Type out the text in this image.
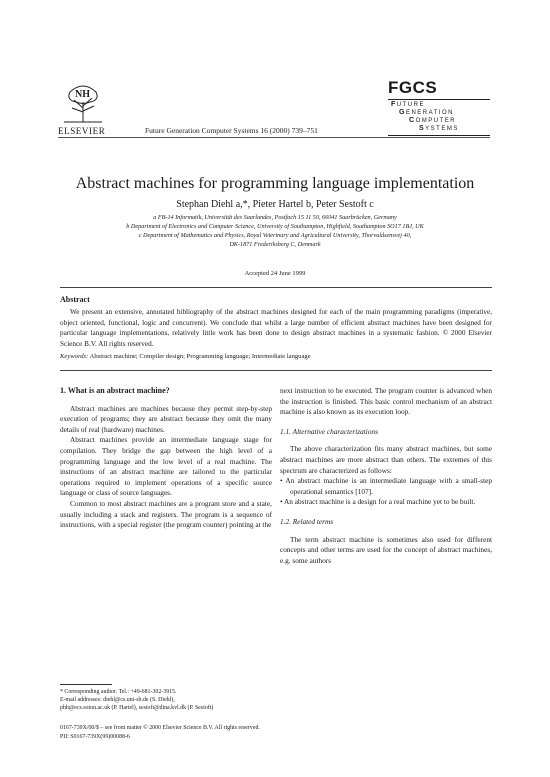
NH
ELSEVIER	Future Generation Computer Systems 16 (2000) 739–751
FGCS
FUTURE
GENERATION
COMPUTER
SYSTEMS
Abstract machines for programming language implementation
Stephan Diehl a,*, Pieter Hartel b, Peter Sestoft c
a FB-14 Informatik, Universität des Saarlandes, Postfach 15 11 50, 66041 Saarbrücken, Germany
b Department of Electronics and Computer Science, University of Southampton, Highfield, Southampton SO17 1BJ, UK
c Department of Mathematics and Physics, Royal Veterinary and Agricultural University, Thorvaldsensvej 40,
DK-1871 Frederiksberg C, Denmark
Accepted 24 June 1999
Abstract
We present an extensive, annotated bibliography of the abstract machines designed for each of the main programming paradigms (imperative, object oriented, functional, logic and concurrent). We conclude that whilst a large number of efficient abstract machines have been designed for particular language implementations, relatively little work has been done to design abstract machines in a systematic fashion. © 2000 Elsevier Science B.V. All rights reserved.
Keywords: Abstract machine; Compiler design; Programming language; Intermediate language

1. What is an abstract machine?

Abstract machines are machines because they permit step-by-step execution of programs; they are abstract because they omit the many details of real (hardware) machines.

Abstract machines provide an intermediate language stage for compilation. They bridge the gap between the high level of a programming language and the low level of a real machine. The instructions of an abstract machine are tailored to the particular operations required to implement operations of a specific source language or class of source languages.

Common to most abstract machines are a program store and a state, usually including a stack and registers. The program is a sequence of instructions, with a special register (the program counter) pointing at the

next instruction to be executed. The program counter is advanced when the instruction is finished. This basic control mechanism of an abstract machine is also known as its execution loop.

1.1. Alternative characterizations

The above characterization fits many abstract machines, but some abstract machines are more abstract than others. The extremes of this spectrum are characterized as follows:

• An abstract machine is an intermediate language with a small-step operational semantics [107].

• An abstract machine is a design for a real machine yet to be built.

1.2. Related terms

The term abstract machine is sometimes also used for different concepts and other terms are used for the concept of abstract machines, e.g. some authors

* Corresponding author. Tel.: +49-681-302-3915.
E-mail addresses: diehl@cs.uni-sb.de (S. Diehl),
phh@ecs.soton.ac.uk (P. Hartel), sestoft@dina.kvl.dk (P. Sestoft)
0167-739X/00/$ – see front matter © 2000 Elsevier Science B.V. All rights reserved.
PII: S0167-739X(99)00088-6
